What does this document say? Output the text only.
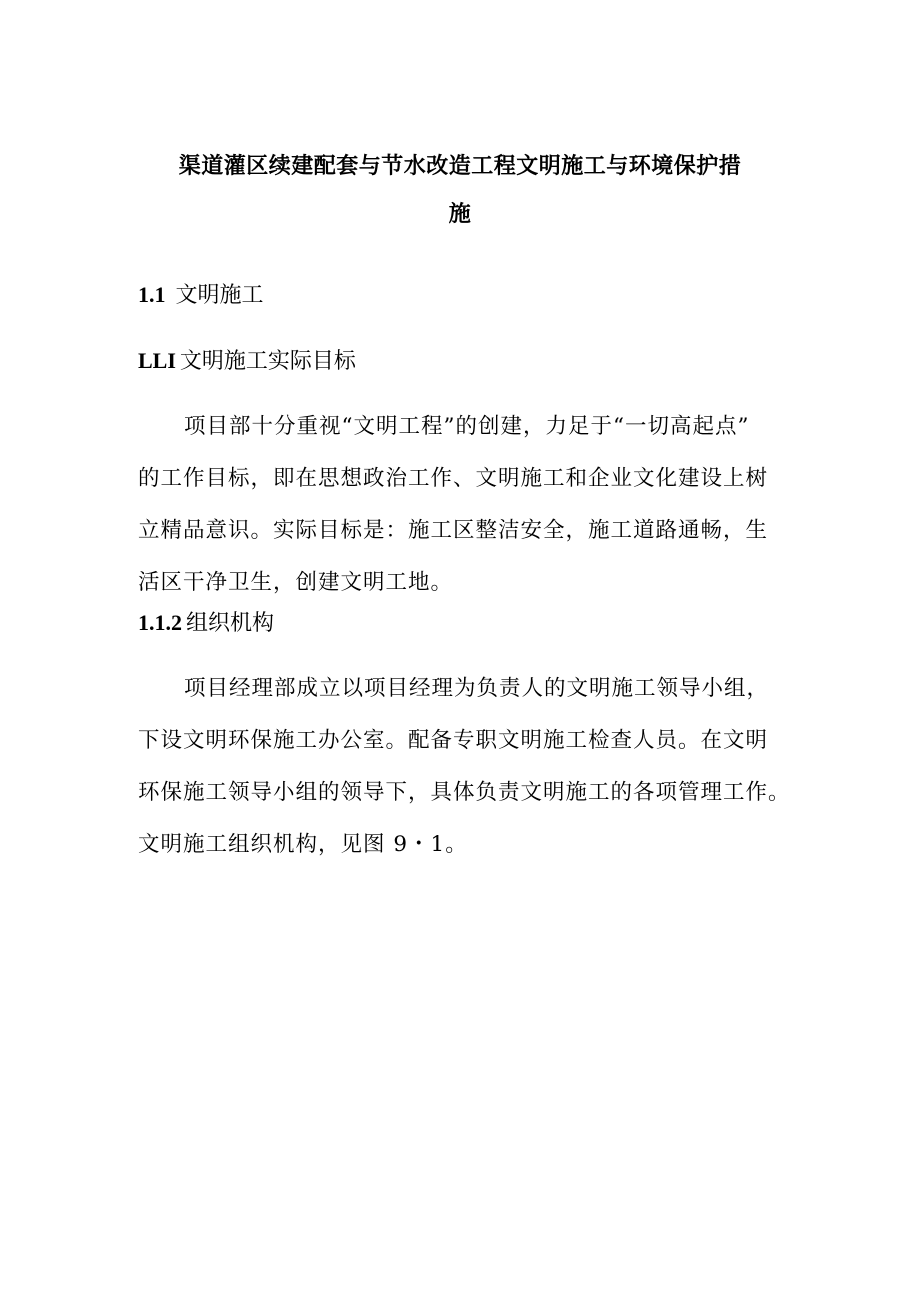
渠道灌区续建配套与节水改造工程文明施工与环境保护措
施
1.1 文明施工
LLI 文明施工实际目标
项目部十分重视“文明工程”的创建，力足于“一切高起点”
的工作目标，即在思想政治工作、文明施工和企业文化建设上树
立精品意识。实际目标是：施工区整洁安全，施工道路通畅，生
活区干净卫生，创建文明工地。
1.1.2 组织机构
项目经理部成立以项目经理为负责人的文明施工领导小组，
下设文明环保施工办公室。配备专职文明施工检查人员。在文明
环保施工领导小组的领导下，具体负责文明施工的各项管理工作。
文明施工组织机构，见图 9・1。
